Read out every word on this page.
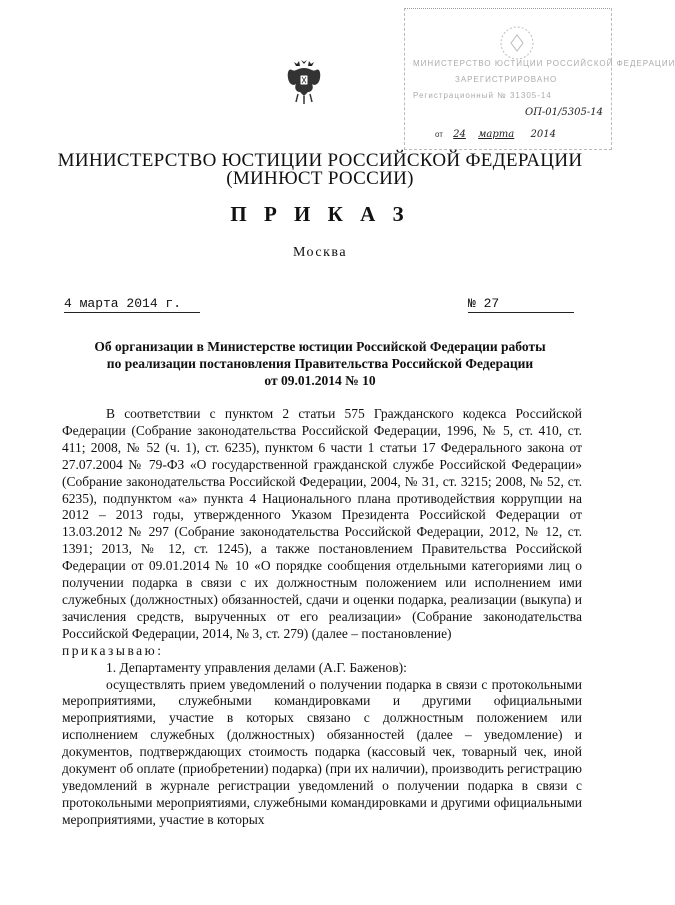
МИНИСТЕРСТВО ЮСТИЦИИ РОССИЙСКОЙ ФЕДЕРАЦИИ
ЗАРЕГИСТРИРОВАНО
Регистрационный № 31305-14
ОП-01/5305-14
от 24 марта 2014
МИНИСТЕРСТВО ЮСТИЦИИ РОССИЙСКОЙ ФЕДЕРАЦИИ
(МИНЮСТ РОССИИ)
П Р И К А З
Москва
4 марта 2014 г.	№ 27
Об организации в Министерстве юстиции Российской Федерации работы
по реализации постановления Правительства Российской Федерации
от 09.01.2014 № 10

В соответствии с пунктом 2 статьи 575 Гражданского кодекса Российской Федерации (Собрание законодательства Российской Федерации, 1996, № 5, ст. 410, ст. 411; 2008, № 52 (ч. 1), ст. 6235), пунктом 6 части 1 статьи 17 Федерального закона от 27.07.2004 № 79-ФЗ «О государственной гражданской службе Российской Федерации» (Собрание законодательства Российской Федерации, 2004, № 31, ст. 3215; 2008, № 52, ст. 6235), подпунктом «а» пункта 4 Национального плана противодействия коррупции на 2012 – 2013 годы, утвержденного Указом Президента Российской Федерации от 13.03.2012 № 297 (Собрание законодательства Российской Федерации, 2012, № 12, ст. 1391; 2013, № 12, ст. 1245), а также постановлением Правительства Российской Федерации от 09.01.2014 № 10 «О порядке сообщения отдельными категориями лиц о получении подарка в связи с их должностным положением или исполнением ими служебных (должностных) обязанностей, сдачи и оценки подарка, реализации (выкупа) и зачисления средств, вырученных от его реализации» (Собрание законодательства Российской Федерации, 2014, № 3, ст. 279) (далее – постановление)

приказываю:

1. Департаменту управления делами (А.Г. Баженов):

осуществлять прием уведомлений о получении подарка в связи с протокольными мероприятиями, служебными командировками и другими официальными мероприятиями, участие в которых связано с должностным положением или исполнением служебных (должностных) обязанностей (далее – уведомление) и документов, подтверждающих стоимость подарка (кассовый чек, товарный чек, иной документ об оплате (приобретении) подарка) (при их наличии), производить регистрацию уведомлений в журнале регистрации уведомлений о получении подарка в связи с протокольными мероприятиями, служебными командировками и другими официальными мероприятиями, участие в которых
